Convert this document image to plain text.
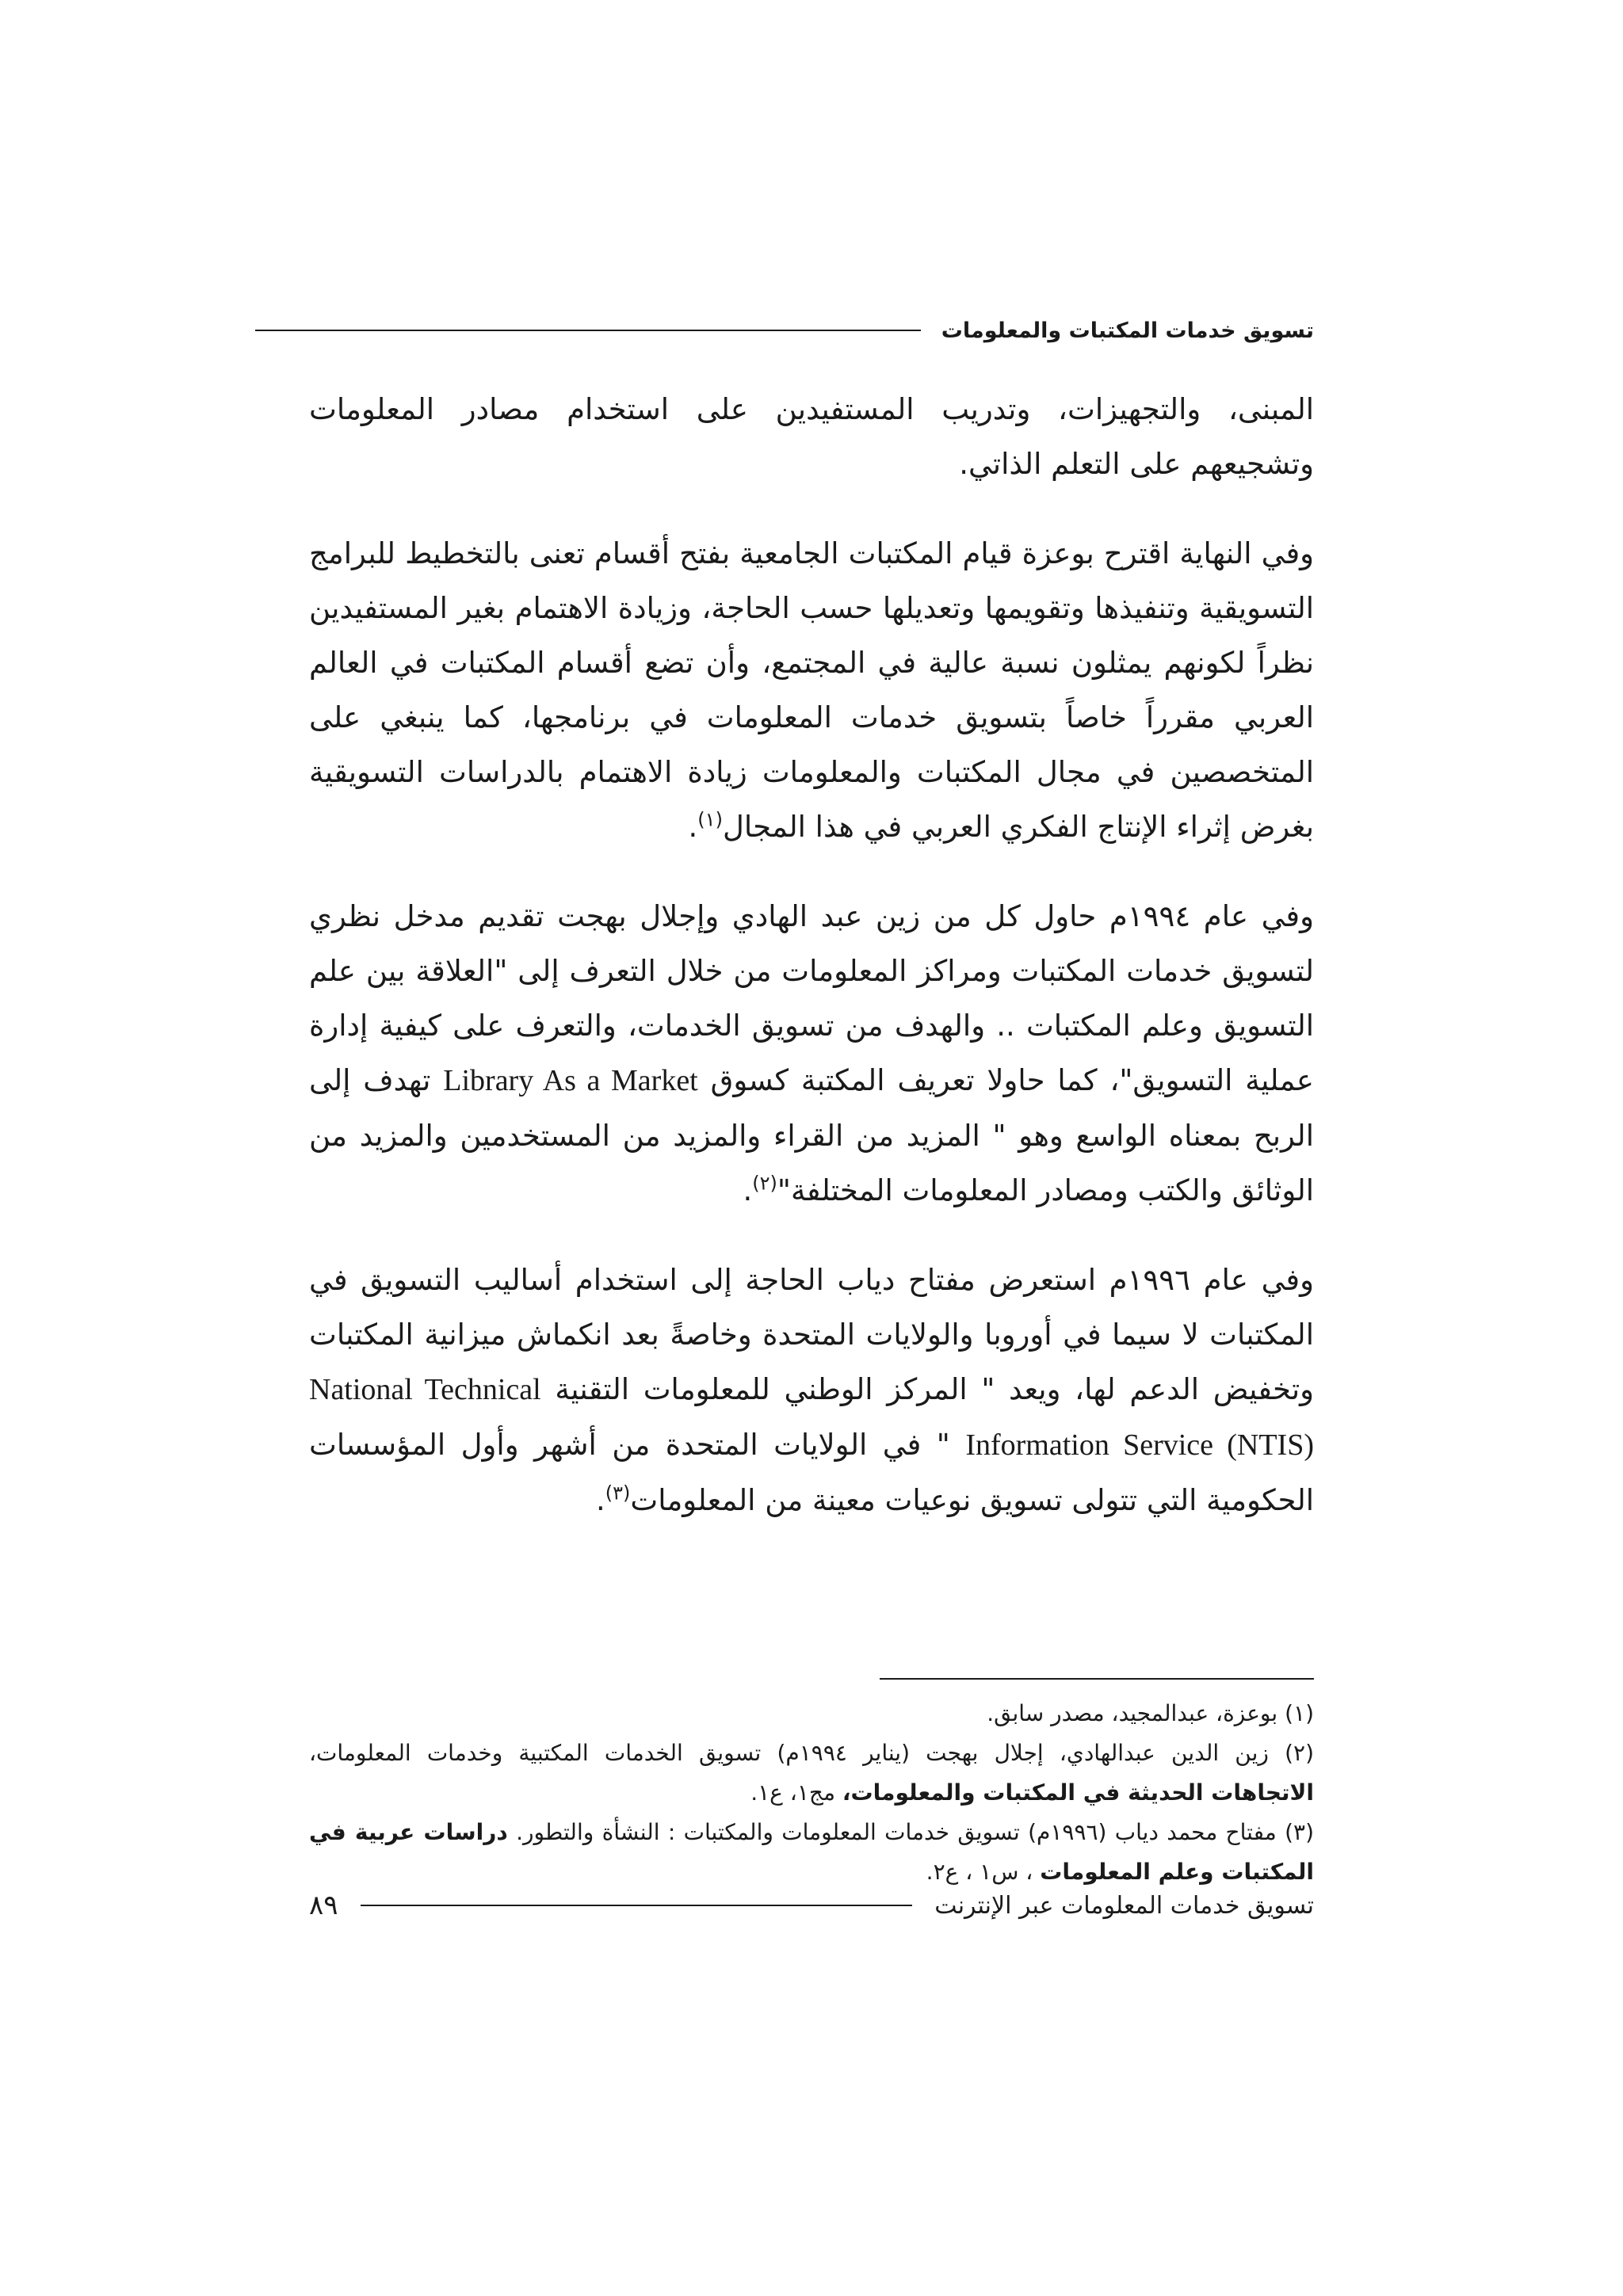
تسويق خدمات المكتبات والمعلومات

المبنى، والتجهيزات، وتدريب المستفيدين على استخدام مصادر المعلومات وتشجيعهم على التعلم الذاتي.

وفي النهاية اقترح بوعزة قيام المكتبات الجامعية بفتح أقسام تعنى بالتخطيط للبرامج التسويقية وتنفيذها وتقويمها وتعديلها حسب الحاجة، وزيادة الاهتمام بغير المستفيدين نظراً لكونهم يمثلون نسبة عالية في المجتمع، وأن تضع أقسام المكتبات في العالم العربي مقرراً خاصاً بتسويق خدمات المعلومات في برنامجها، كما ينبغي على المتخصصين في مجال المكتبات والمعلومات زيادة الاهتمام بالدراسات التسويقية بغرض إثراء الإنتاج الفكري العربي في هذا المجال$^{(١)}$.

وفي عام ١٩٩٤م حاول كل من زين عبد الهادي وإجلال بهجت تقديم مدخل نظري لتسويق خدمات المكتبات ومراكز المعلومات من خلال التعرف إلى "العلاقة بين علم التسويق وعلم المكتبات .. والهدف من تسويق الخدمات، والتعرف على كيفية إدارة عملية التسويق"، كما حاولا تعريف المكتبة كسوق Library As a Market تهدف إلى الربح بمعناه الواسع وهو " المزيد من القراء والمزيد من المستخدمين والمزيد من الوثائق والكتب ومصادر المعلومات المختلفة"$^{(٢)}$.

وفي عام ١٩٩٦م استعرض مفتاح دياب الحاجة إلى استخدام أساليب التسويق في المكتبات لا سيما في أوروبا والولايات المتحدة وخاصةً بعد انكماش ميزانية المكتبات وتخفيض الدعم لها، ويعد " المركز الوطني للمعلومات التقنية National Technical Information Service (NTIS) " في الولايات المتحدة من أشهر وأول المؤسسات الحكومية التي تتولى تسويق نوعيات معينة من المعلومات$^{(٣)}$.

(١) بوعزة، عبدالمجيد، مصدر سابق.

(٢) زين الدين عبدالهادي، إجلال بهجت (يناير ١٩٩٤م) تسويق الخدمات المكتبية وخدمات المعلومات، الاتجاهات الحديثة في المكتبات والمعلومات، مج١، ع١.

(٣) مفتاح محمد دياب (١٩٩٦م) تسويق خدمات المعلومات والمكتبات : النشأة والتطور. دراسات عربية في المكتبات وعلم المعلومات ، س١ ، ع٢.

تسويق خدمات المعلومات عبر الإنترنت
٨٩
